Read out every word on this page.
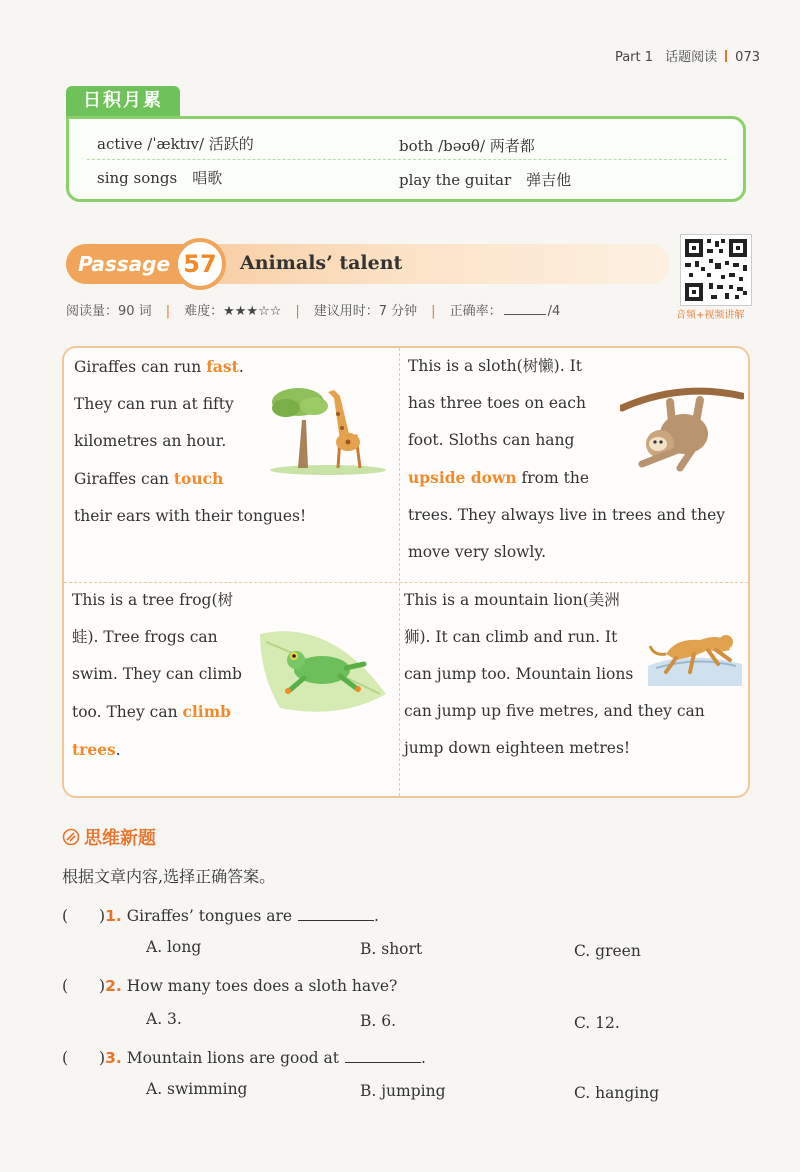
Part 1 话题阅读 073
日积月累
active /ˈæktɪv/ 活跃的	both /bəʊθ/ 两者都
sing songs　唱歌	play the guitar　弹吉他
Passage 57	Animals’ talent
音频+视频讲解
阅读量：90 词 | 难度：★★★☆☆ | 建议用时：7 分钟 | 正确率：	/4
Giraffes can run fast.
They can run at fifty
kilometres an hour.
Giraffes can touch
their ears with their tongues!
This is a sloth(树懒). It
has three toes on each
foot. Sloths can hang
upside down from the
trees. They always live in trees and they
move very slowly.
This is a tree frog(树
蛙). Tree frogs can
swim. They can climb
too. They can climb
trees.
This is a mountain lion(美洲
狮). It can climb and run. It
can jump too. Mountain lions
can jump up five metres, and they can
jump down eighteen metres!
思维新题
根据文章内容,选择正确答案。
(　　)1. Giraffes’ tongues are	.
A. long	B. short	C. green
(　　)2. How many toes does a sloth have?
A. 3.	B. 6.	C. 12.
(　　)3. Mountain lions are good at	.
A. swimming	B. jumping	C. hanging
